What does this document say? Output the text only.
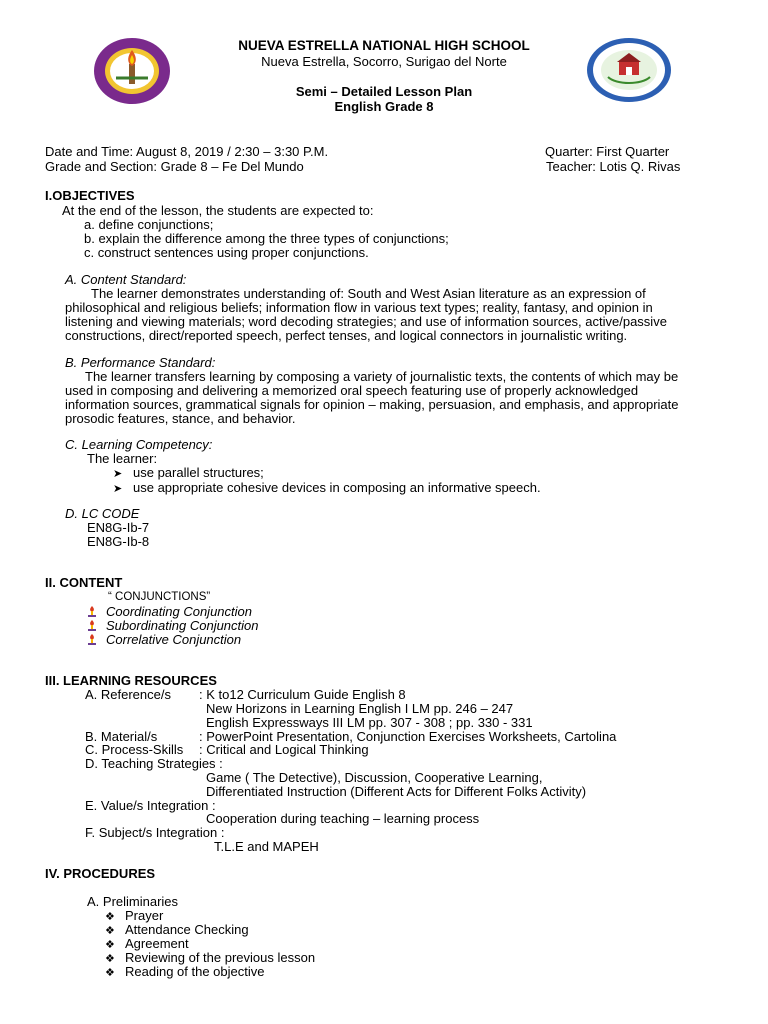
NUEVA ESTRELLA NATIONAL HIGH SCHOOL
Nueva Estrella, Socorro, Surigao del Norte
Semi – Detailed Lesson Plan
English Grade 8
Date and Time: August 8, 2019 / 2:30 – 3:30 P.M.	Quarter: First Quarter
Grade and Section: Grade 8 – Fe Del Mundo	Teacher: Lotis Q. Rivas
I.OBJECTIVES
At the end of the lesson, the students are expected to:
a. define conjunctions;
b. explain the difference among the three types of conjunctions;
c. construct sentences using proper conjunctions.
A. Content Standard:
The learner demonstrates understanding of: South and West Asian literature as an expression of
philosophical and religious beliefs; information flow in various text types; reality, fantasy, and opinion in
listening and viewing materials; word decoding strategies; and use of information sources, active/passive
constructions, direct/reported speech, perfect tenses, and logical connectors in journalistic writing.
B. Performance Standard:
The learner transfers learning by composing a variety of journalistic texts, the contents of which may be
used in composing and delivering a memorized oral speech featuring use of properly acknowledged
information sources, grammatical signals for opinion – making, persuasion, and emphasis, and appropriate
prosodic features, stance, and behavior.
C. Learning Competency:
The learner:
➤ use parallel structures;
➤ use appropriate cohesive devices in composing an informative speech.
D. LC CODE
EN8G-Ib-7
EN8G-Ib-8
II. CONTENT
“ CONJUNCTIONS”
Coordinating Conjunction
Subordinating Conjunction
Correlative Conjunction
III. LEARNING RESOURCES
A. Reference/s : K to12 Curriculum Guide English 8
New Horizons in Learning English I LM pp. 246 – 247
English Expressways III LM pp. 307 - 308 ; pp. 330 - 331
B. Material/s	: PowerPoint Presentation, Conjunction Exercises Worksheets, Cartolina
C. Process-Skills : Critical and Logical Thinking
D. Teaching Strategies :
Game ( The Detective), Discussion, Cooperative Learning,
Differentiated Instruction (Different Acts for Different Folks Activity)
E. Value/s Integration :
Cooperation during teaching – learning process
F. Subject/s Integration :
T.L.E and MAPEH
IV. PROCEDURES
A. Preliminaries
❖ Prayer
❖ Attendance Checking
❖ Agreement
❖ Reviewing of the previous lesson
❖ Reading of the objective
